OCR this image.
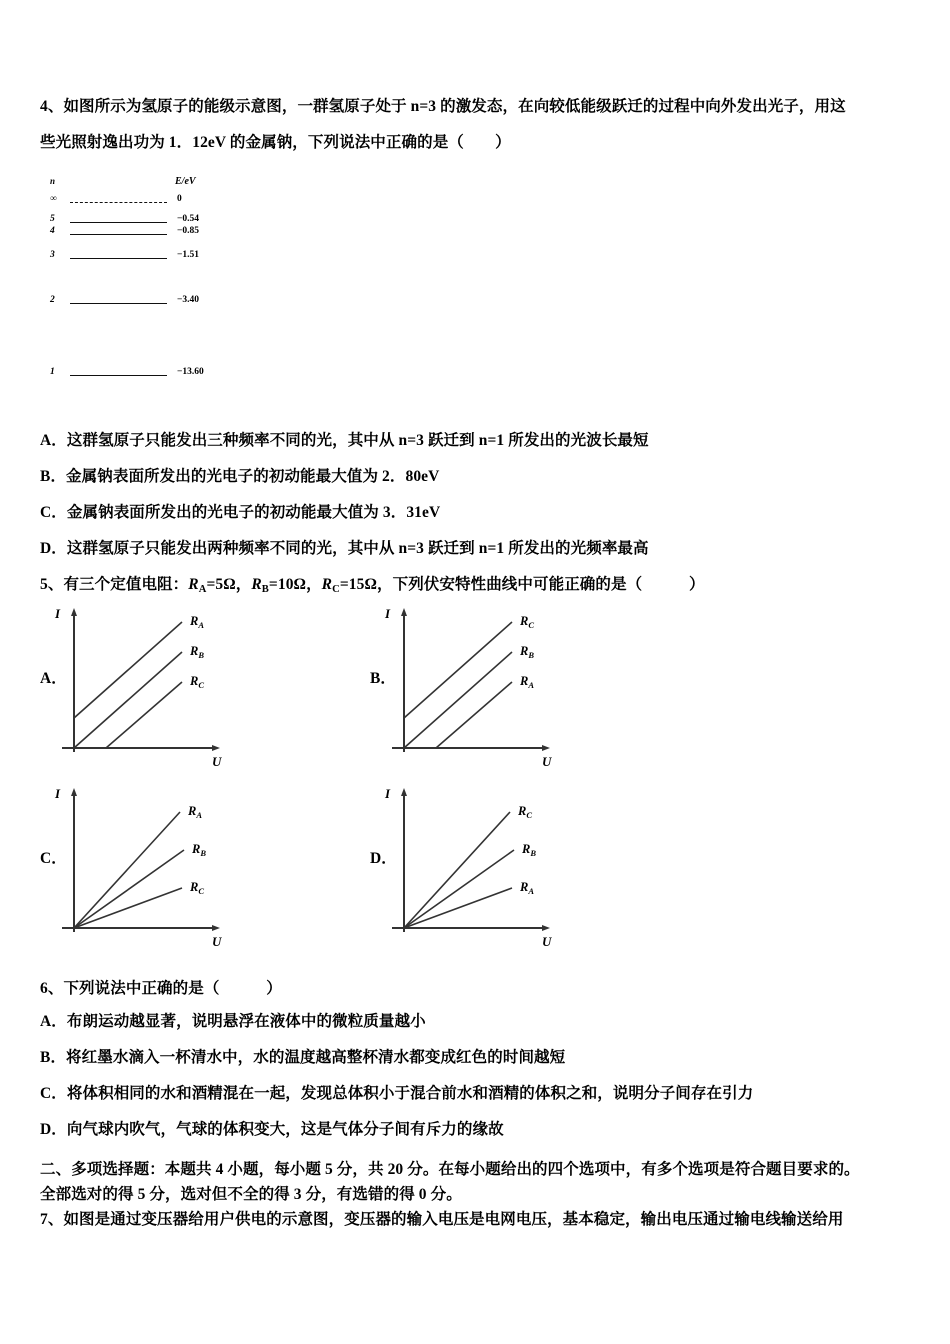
4、如图所示为氢原子的能级示意图，一群氢原子处于 n=3 的激发态，在向较低能级跃迁的过程中向外发出光子，用这
些光照射逸出功为 1．12eV 的金属钠，下列说法中正确的是（　　）
n	E/eV
∞	0
5	−0.54
4	−0.85
3	−1.51
2	−3.40
1	−13.60
A．这群氢原子只能发出三种频率不同的光，其中从 n=3 跃迁到 n=1 所发出的光波长最短
B．金属钠表面所发出的光电子的初动能最大值为 2．80eV
C．金属钠表面所发出的光电子的初动能最大值为 3．31eV
D．这群氢原子只能发出两种频率不同的光，其中从 n=3 跃迁到 n=1 所发出的光频率最高
5、有三个定值电阻：$R_A=5\Omega$，$R_B=10\Omega$，$R_C=15\Omega$，下列伏安特性曲线中可能正确的是（　　　）
A．
I
U
$R_A$
$R_B$
$R_C$	B．
I
U
$R_C$
$R_B$
$R_A$
C．
I
U
$R_A$
$R_B$
$R_C$
D．
I
U
$R_C$
$R_B$
$R_A$
6、下列说法中正确的是（　　　）
A．布朗运动越显著，说明悬浮在液体中的微粒质量越小
B．将红墨水滴入一杯清水中，水的温度越高整杯清水都变成红色的时间越短
C．将体积相同的水和酒精混在一起，发现总体积小于混合前水和酒精的体积之和，说明分子间存在引力
D．向气球内吹气，气球的体积变大，这是气体分子间有斥力的缘故
二、多项选择题：本题共 4 小题，每小题 5 分，共 20 分。在每小题给出的四个选项中，有多个选项是符合题目要求的。
全部选对的得 5 分，选对但不全的得 3 分，有选错的得 0 分。
7、如图是通过变压器给用户供电的示意图，变压器的输入电压是电网电压，基本稳定，输出电压通过输电线输送给用
